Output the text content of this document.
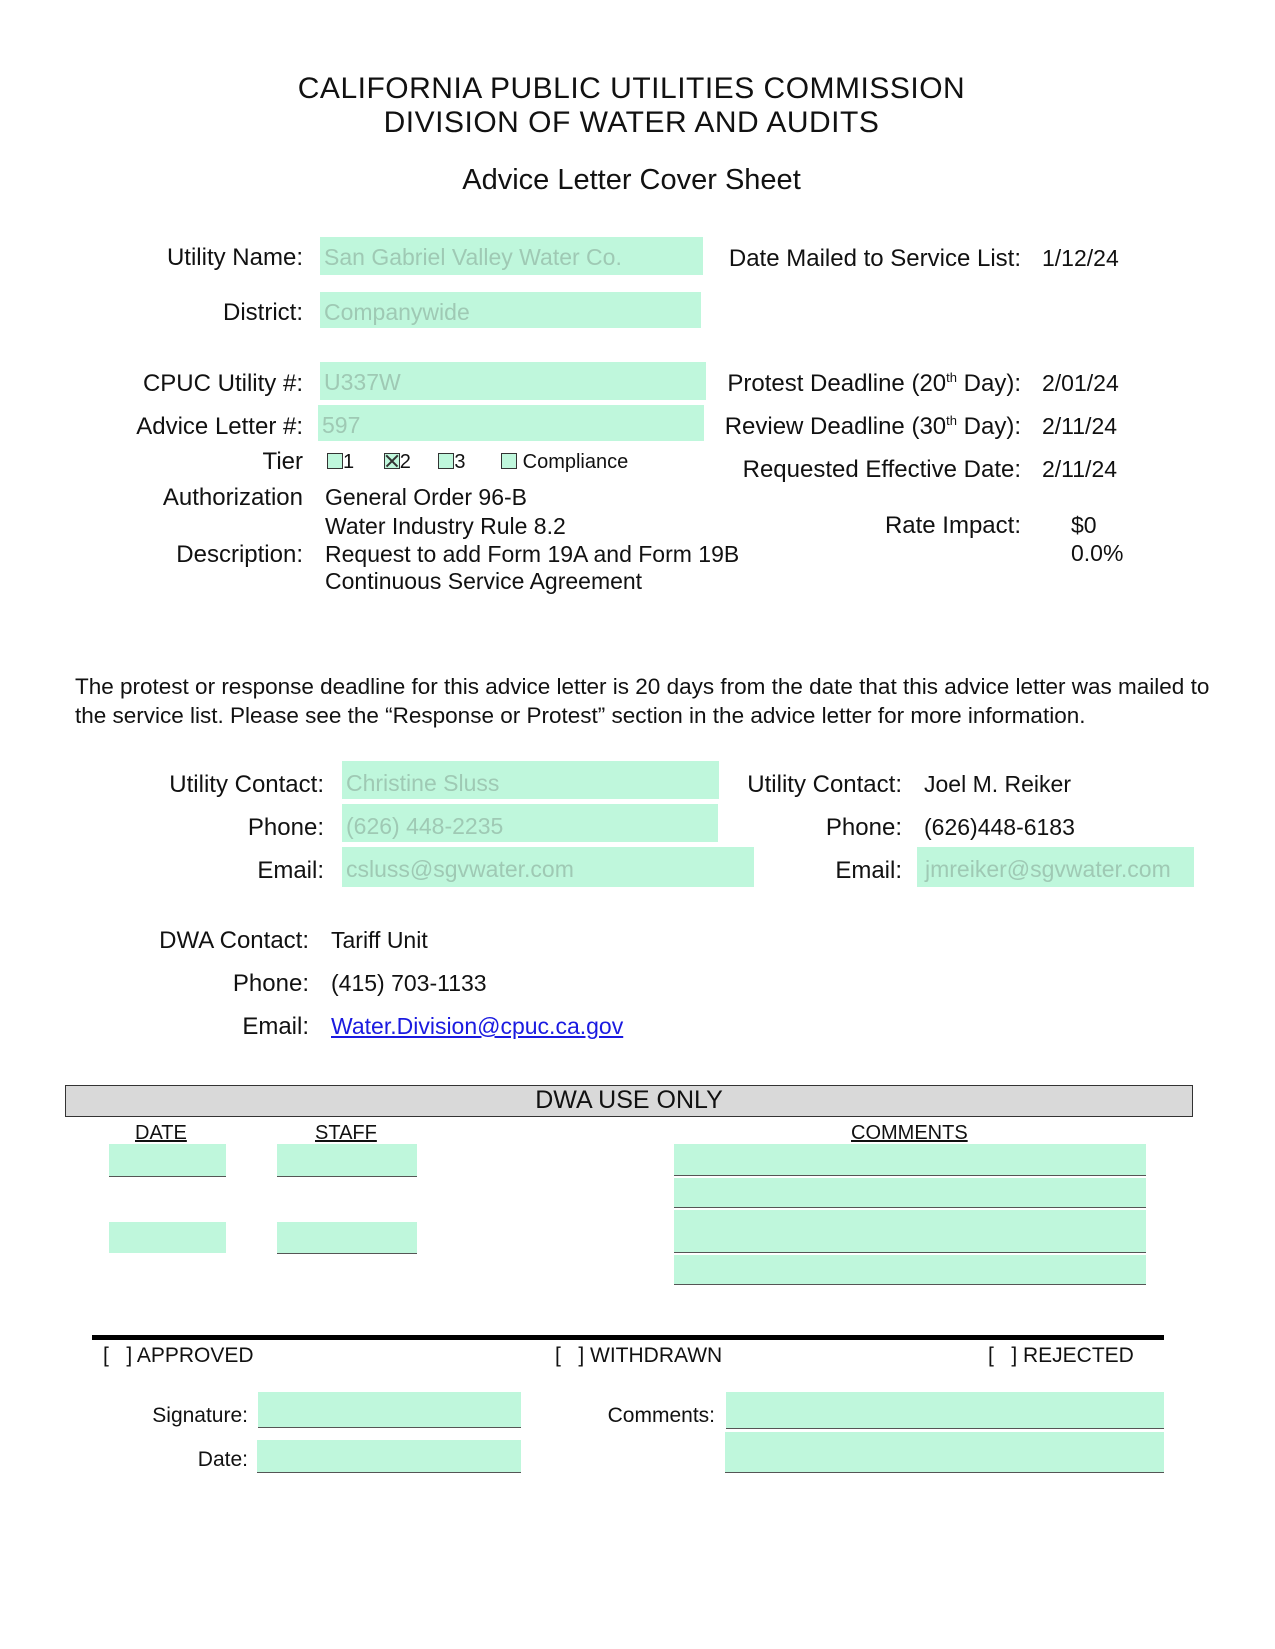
CALIFORNIA PUBLIC UTILITIES COMMISSION
DIVISION OF WATER AND AUDITS
Advice Letter Cover Sheet
Utility Name: San Gabriel Valley Water Co.
District: Companywide
CPUC Utility #: U337W
Advice Letter #: 597
Tier	1 2 3	Compliance
Authorization General Order 96-B
Water Industry Rule 8.2
Description: Request to add Form 19A and Form 19B
Continuous Service Agreement
Date Mailed to Service List: 1/12/24
Protest Deadline (20th Day): 2/01/24
Review Deadline (30th Day): 2/11/24
Requested Effective Date: 2/11/24
Rate Impact: $0
0.0%
The protest or response deadline for this advice letter is 20 days from the date that this advice letter was mailed to
the service list. Please see the “Response or Protest” section in the advice letter for more information.
Utility Contact: Christine Sluss
Phone: (626) 448-2235
Email: csluss@sgvwater.com
Utility Contact: Joel M. Reiker
Phone: (626)448-6183
Email:	jmreiker@sgvwater.com
DWA Contact: Tariff Unit
Phone: (415) 703-1133
Email: Water.Division@cpuc.ca.gov
DWA USE ONLY
DATE	STAFF	COMMENTS
[   ] APPROVED	[   ] WITHDRAWN	[   ] REJECTED
Signature:
Date:
Comments:
